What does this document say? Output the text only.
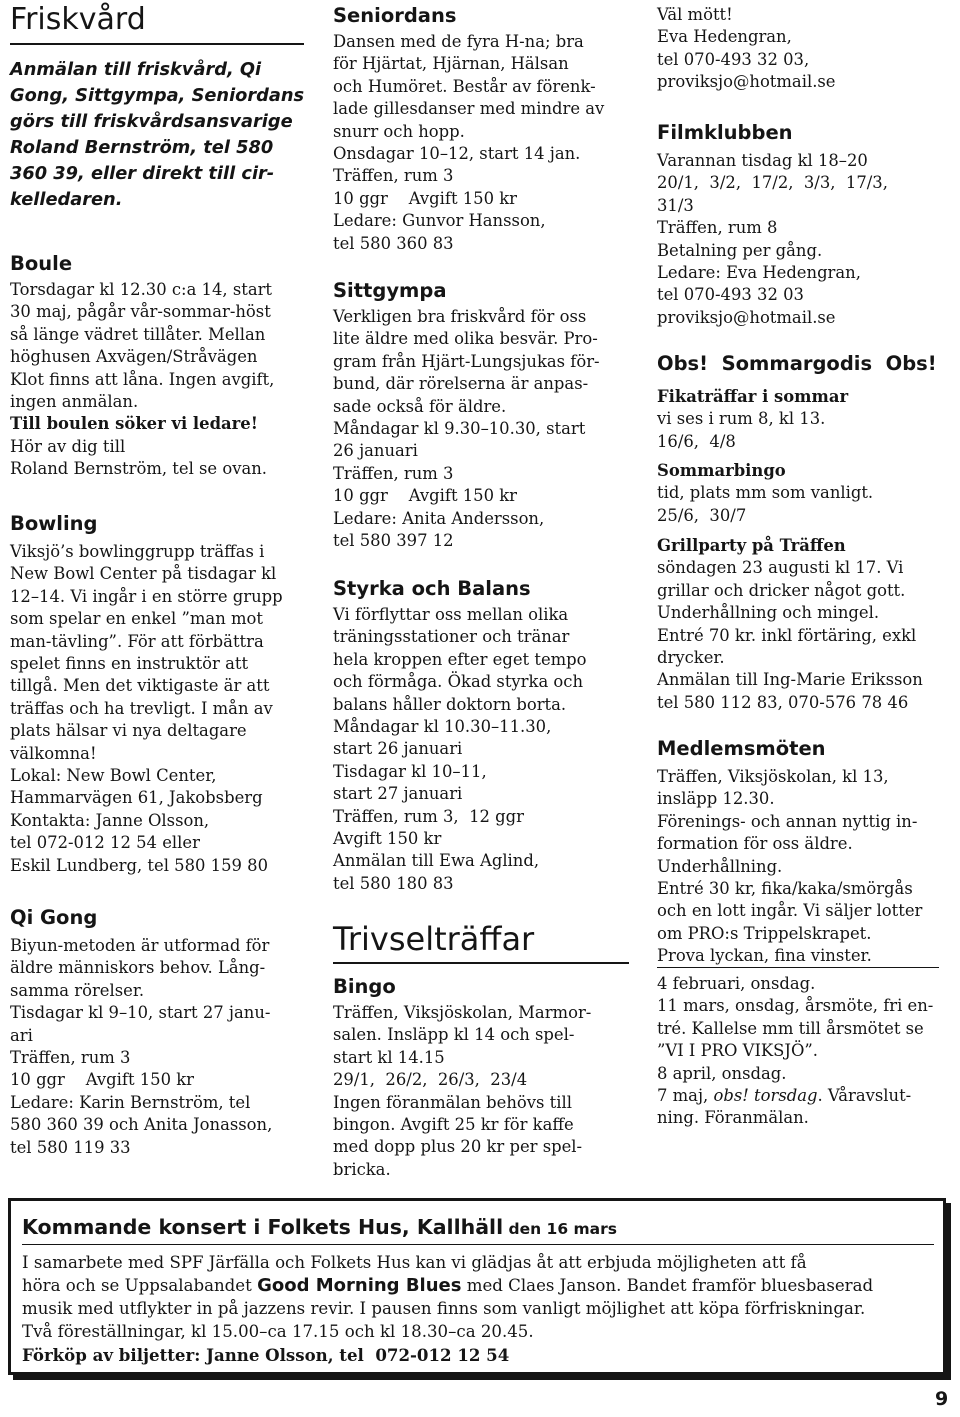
Friskvård

Anmälan till friskvård, Qi

Gong, Sittgympa, Seniordans

görs till friskvårdsansvarige

Roland Bernström, tel 580

360 39, eller direkt till cir-

kelledaren.

Boule

Torsdagar kl 12.30 c:a 14, start

30 maj, pågår vår-sommar-höst

så länge vädret tillåter. Mellan

höghusen Axvägen/Stråvägen

Klot finns att låna. Ingen avgift,

ingen anmälan.

Till boulen söker vi ledare!

Hör av dig till

Roland Bernström, tel se ovan.

Bowling

Viksjö’s bowlinggrupp träffas i

New Bowl Center på tisdagar kl

12–14. Vi ingår i en större grupp

som spelar en enkel ”man mot

man-tävling”. För att förbättra

spelet finns en instruktör att

tillgå. Men det viktigaste är att

träffas och ha trevligt. I mån av

plats hälsar vi nya deltagare

välkomna!

Lokal: New Bowl Center,

Hammarvägen 61, Jakobsberg

Kontakta: Janne Olsson,

tel 072-012 12 54 eller

Eskil Lundberg, tel 580 159 80

Qi Gong

Biyun-metoden är utformad för

äldre människors behov. Lång-

samma rörelser.

Tisdagar kl 9–10, start 27 janu-

ari

Träffen, rum 3

10 ggr    Avgift 150 kr

Ledare: Karin Bernström, tel

580 360 39 och Anita Jonasson,

tel 580 119 33

Seniordans

Dansen med de fyra H-na; bra

för Hjärtat, Hjärnan, Hälsan

och Humöret. Består av förenk-

lade gillesdanser med mindre av

snurr och hopp.

Onsdagar 10–12, start 14 jan.

Träffen, rum 3

10 ggr    Avgift 150 kr

Ledare: Gunvor Hansson,

tel 580 360 83

Sittgympa

Verkligen bra friskvård för oss

lite äldre med olika besvär. Pro-

gram från Hjärt-Lungsjukas för-

bund, där rörelserna är anpas-

sade också för äldre.

Måndagar kl 9.30–10.30, start

26 januari

Träffen, rum 3

10 ggr    Avgift 150 kr

Ledare: Anita Andersson,

tel 580 397 12

Styrka och Balans

Vi förflyttar oss mellan olika

träningsstationer och tränar

hela kroppen efter eget tempo

och förmåga. Ökad styrka och

balans håller doktorn borta.

Måndagar kl 10.30–11.30,

start 26 januari

Tisdagar kl 10–11,

start 27 januari

Träffen, rum 3,  12 ggr

Avgift 150 kr

Anmälan till Ewa Aglind,

tel 580 180 83

Trivselträffar

Bingo

Träffen, Viksjöskolan, Marmor-

salen. Insläpp kl 14 och spel-

start kl 14.15

29/1,  26/2,  26/3,  23/4

Ingen föranmälan behövs till

bingon. Avgift 25 kr för kaffe

med dopp plus 20 kr per spel-

bricka.

Väl mött!

Eva Hedengran,

tel 070-493 32 03,

proviksjo@hotmail.se

Filmklubben

Varannan tisdag kl 18–20

20/1,  3/2,  17/2,  3/3,  17/3,

31/3

Träffen, rum 8

Betalning per gång.

Ledare: Eva Hedengran,

tel 070-493 32 03

proviksjo@hotmail.se

Obs!  Sommargodis  Obs!

Fikaträffar i sommar

vi ses i rum 8, kl 13.

16/6,  4/8

Sommarbingo

tid, plats mm som vanligt.

25/6,  30/7

Grillparty på Träffen

söndagen 23 augusti kl 17. Vi

grillar och dricker något gott.

Underhållning och mingel.

Entré 70 kr. inkl förtäring, exkl

drycker.

Anmälan till Ing-Marie Eriksson

tel 580 112 83, 070-576 78 46

Medlemsmöten

Träffen, Viksjöskolan, kl 13,

insläpp 12.30.

Förenings- och annan nyttig in-

formation för oss äldre.

Underhållning.

Entré 30 kr, fika/kaka/smörgås

och en lott ingår. Vi säljer lotter

om PRO:s Trippelskrapet.

Prova lyckan, fina vinster.

4 februari, onsdag.

11 mars, onsdag, årsmöte, fri en-

tré. Kallelse mm till årsmötet se

”VI I PRO VIKSJÖ”.

8 april, onsdag.

7 maj, obs! torsdag. Våravslut-

ning. Föranmälan.

Kommande konsert i Folkets Hus, Kallhäll den 16 mars

I samarbete med SPF Järfälla och Folkets Hus kan vi glädjas åt att erbjuda möjligheten att få

höra och se Uppsalabandet Good Morning Blues med Claes Janson. Bandet framför bluesbaserad

musik med utflykter in på jazzens revir. I pausen finns som vanligt möjlighet att köpa förfriskningar.

Två föreställningar, kl 15.00–ca 17.15 och kl 18.30–ca 20.45.

Förköp av biljetter: Janne Olsson, tel  072-012 12 54

9
